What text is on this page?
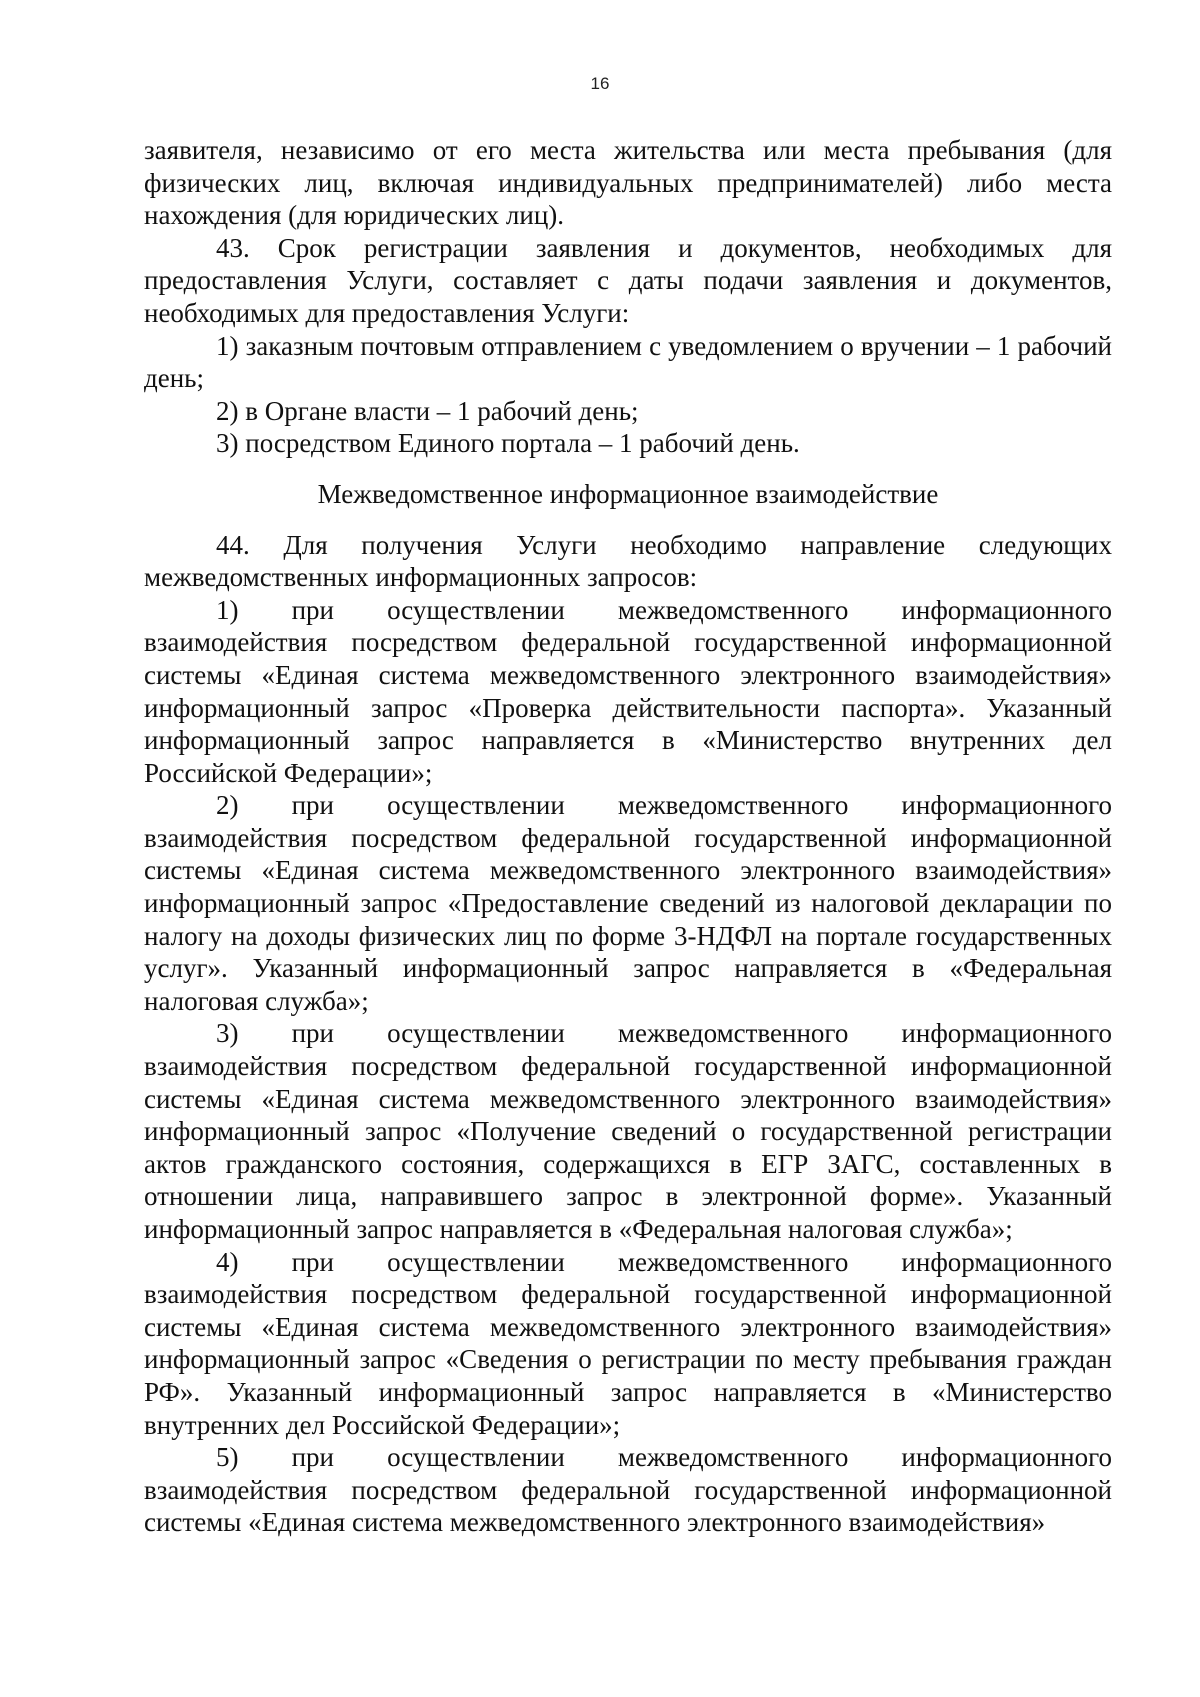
16

заявителя, независимо от его места жительства или места пребывания (для физических лиц, включая индивидуальных предпринимателей) либо места нахождения (для юридических лиц).

43. Срок регистрации заявления и документов, необходимых для предоставления Услуги, составляет с даты подачи заявления и документов, необходимых для предоставления Услуги:

1) заказным почтовым отправлением с уведомлением о вручении – 1 рабочий день;

2) в Органе власти – 1 рабочий день;

3) посредством Единого портала – 1 рабочий день.

Межведомственное информационное взаимодействие

44. Для получения Услуги необходимо направление следующих межведомственных информационных запросов:

1) при осуществлении межведомственного информационного взаимодействия посредством федеральной государственной информационной системы «Единая система межведомственного электронного взаимодействия» информационный запрос «Проверка действительности паспорта». Указанный информационный запрос направляется в «Министерство внутренних дел Российской Федерации»;

2) при осуществлении межведомственного информационного взаимодействия посредством федеральной государственной информационной системы «Единая система межведомственного электронного взаимодействия» информационный запрос «Предоставление сведений из налоговой декларации по налогу на доходы физических лиц по форме 3-НДФЛ на портале государственных услуг». Указанный информационный запрос направляется в «Федеральная налоговая служба»;

3) при осуществлении межведомственного информационного взаимодействия посредством федеральной государственной информационной системы «Единая система межведомственного электронного взаимодействия» информационный запрос «Получение сведений о государственной регистрации актов гражданского состояния, содержащихся в ЕГР ЗАГС, составленных в отношении лица, направившего запрос в электронной форме». Указанный информационный запрос направляется в «Федеральная налоговая служба»;

4) при осуществлении межведомственного информационного взаимодействия посредством федеральной государственной информационной системы «Единая система межведомственного электронного взаимодействия» информационный запрос «Сведения о регистрации по месту пребывания граждан РФ». Указанный информационный запрос направляется в «Министерство внутренних дел Российской Федерации»;

5) при осуществлении межведомственного информационного взаимодействия посредством федеральной государственной информационной системы «Единая система межведомственного электронного взаимодействия»
